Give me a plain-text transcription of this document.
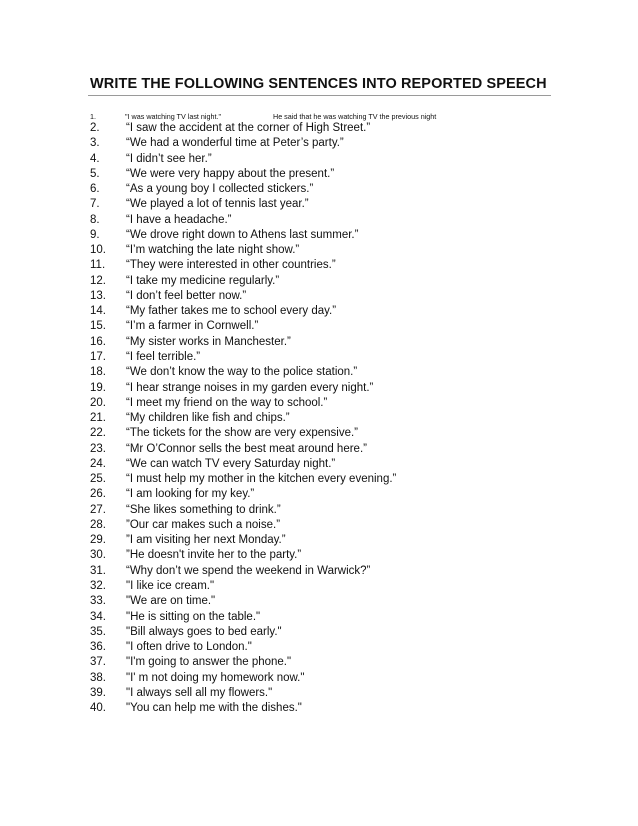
WRITE THE FOLLOWING SENTENCES INTO REPORTED SPEECH
1.	"I was watching TV last night."	He said that he was watching TV the previous night
2. “I saw the accident at the corner of High Street.”
3. “We had a wonderful time at Peter’s party.”
4. “I didn’t see her.”
5. “We were very happy about the present.”
6. “As a young boy I collected stickers.”
7. “We played a lot of tennis last year.”
8. “I have a headache.”
9. “We drove right down to Athens last summer.”
10. “I’m watching the late night show.”
11. “They were interested in other countries.”
12. “I take my medicine regularly.”
13. “I don’t feel better now.”
14. “My father takes me to school every day.”
15. “I’m a farmer in Cornwell.”
16. “My sister works in Manchester.”
17. “I feel terrible.”
18. “We don’t know the way to the police station.”
19. “I hear strange noises in my garden every night.”
20. “I meet my friend on the way to school.”
21. “My children like fish and chips.”
22. “The tickets for the show are very expensive.”
23. “Mr O’Connor sells the best meat around here.”
24. “We can watch TV every Saturday night.”
25. “I must help my mother in the kitchen every evening.”
26. “I am looking for my key.”
27. “She likes something to drink.”
28. ”Our car makes such a noise.”
29. ”I am visiting her next Monday.”
30. ”He doesn't invite her to the party.”
31. “Why don’t we spend the weekend in Warwick?”
32. "I like ice cream."
33. "We are on time."
34. "He is sitting on the table."
35. "Bill always goes to bed early."
36. "I often drive to London."
37. "I'm going to answer the phone."
38. "I' m not doing my homework now."
39. "I always sell all my flowers."
40. "You can help me with the dishes."
